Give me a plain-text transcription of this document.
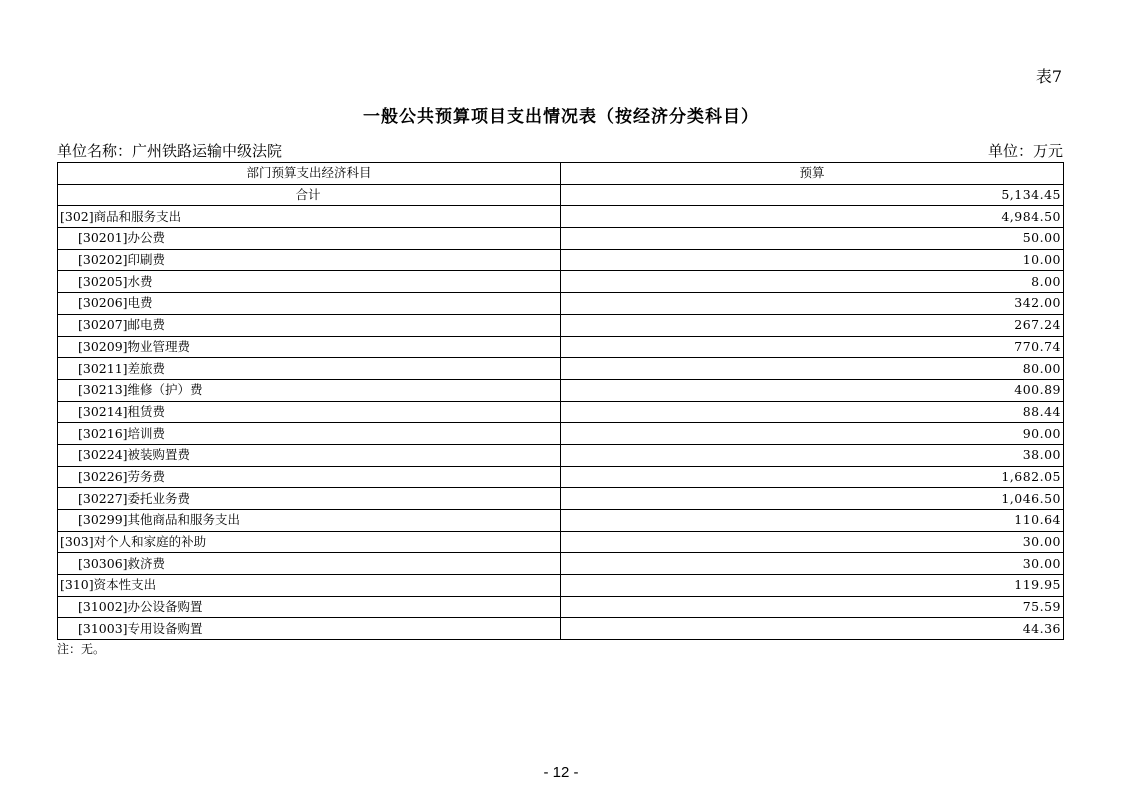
表7
一般公共预算项目支出情况表（按经济分类科目）
单位名称：广州铁路运输中级法院	单位：万元
部门预算支出经济科目	预算
合计	5,134.45
[302]商品和服务支出	4,984.50
[30201]办公费	50.00
[30202]印刷费	10.00
[30205]水费	8.00
[30206]电费	342.00
[30207]邮电费	267.24
[30209]物业管理费	770.74
[30211]差旅费	80.00
[30213]维修（护）费	400.89
[30214]租赁费	88.44
[30216]培训费	90.00
[30224]被装购置费	38.00
[30226]劳务费	1,682.05
[30227]委托业务费	1,046.50
[30299]其他商品和服务支出	110.64
[303]对个人和家庭的补助	30.00
[30306]救济费	30.00
[310]资本性支出	119.95
[31002]办公设备购置	75.59
[31003]专用设备购置	44.36
注：无。
- 12 -
